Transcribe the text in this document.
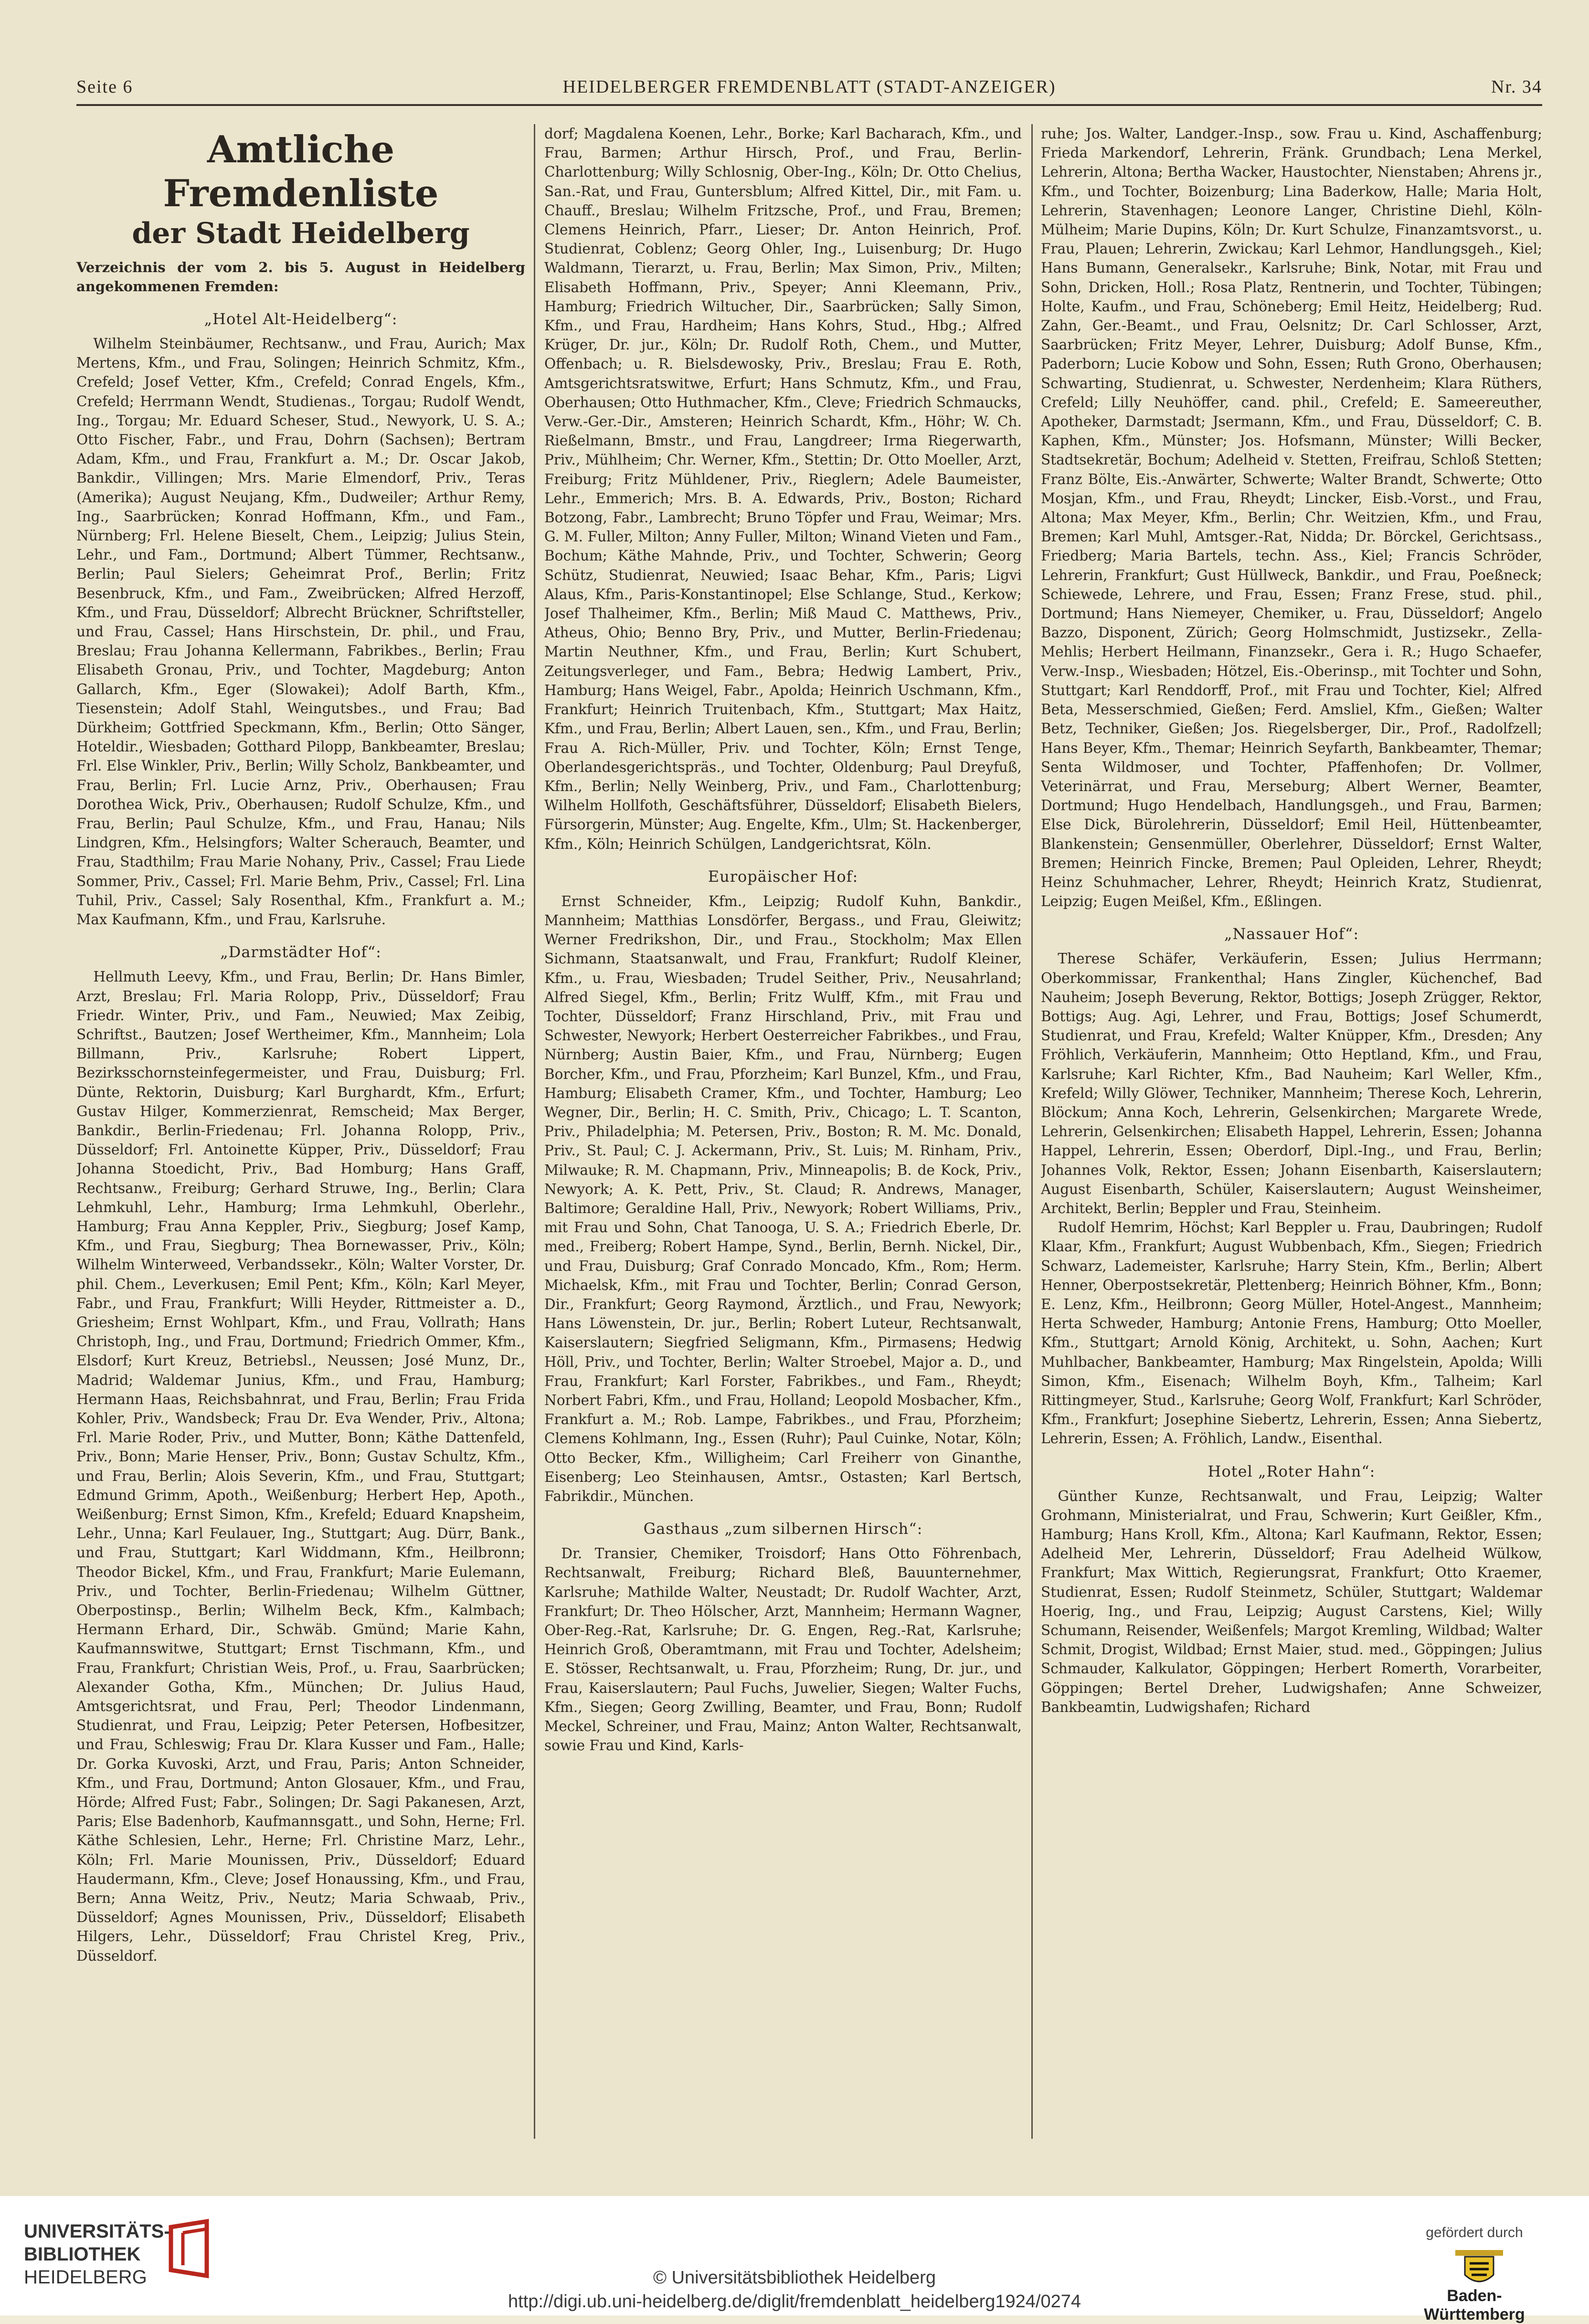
Seite 6	HEIDELBERGER FREMDENBLATT (STADT-ANZEIGER)	Nr. 34
Amtliche Fremdenliste
der Stadt Heidelberg
Verzeichnis der vom 2. bis 5. August in Heidelberg angekommenen Fremden:
„Hotel Alt-Heidelberg“:

Wilhelm Steinbäumer, Rechtsanw., und Frau, Aurich; Max Mertens, Kfm., und Frau, Solingen; Heinrich Schmitz, Kfm., Crefeld; Josef Vetter, Kfm., Crefeld; Conrad Engels, Kfm., Crefeld; Herrmann Wendt, Studienas., Torgau; Rudolf Wendt, Ing., Torgau; Mr. Eduard Scheser, Stud., Newyork, U. S. A.; Otto Fischer, Fabr., und Frau, Dohrn (Sachsen); Bertram Adam, Kfm., und Frau, Frankfurt a. M.; Dr. Oscar Jakob, Bankdir., Villingen; Mrs. Marie Elmendorf, Priv., Teras (Amerika); August Neujang, Kfm., Dudweiler; Arthur Remy, Ing., Saarbrücken; Konrad Hoffmann, Kfm., und Fam., Nürnberg; Frl. Helene Bieselt, Chem., Leipzig; Julius Stein, Lehr., und Fam., Dortmund; Albert Tümmer, Rechtsanw., Berlin; Paul Sielers; Geheimrat Prof., Berlin; Fritz Besenbruck, Kfm., und Fam., Zweibrücken; Alfred Herzoff, Kfm., und Frau, Düsseldorf; Albrecht Brückner, Schriftsteller, und Frau, Cassel; Hans Hirschstein, Dr. phil., und Frau, Breslau; Frau Johanna Kellermann, Fabrikbes., Berlin; Frau Elisabeth Gronau, Priv., und Tochter, Magdeburg; Anton Gallarch, Kfm., Eger (Slowakei); Adolf Barth, Kfm., Tiesenstein; Adolf Stahl, Weingutsbes., und Frau; Bad Dürkheim; Gottfried Speckmann, Kfm., Berlin; Otto Sänger, Hoteldir., Wiesbaden; Gotthard Pilopp, Bankbeamter, Breslau; Frl. Else Winkler, Priv., Berlin; Willy Scholz, Bankbeamter, und Frau, Berlin; Frl. Lucie Arnz, Priv., Oberhausen; Frau Dorothea Wick, Priv., Oberhausen; Rudolf Schulze, Kfm., und Frau, Berlin; Paul Schulze, Kfm., und Frau, Hanau; Nils Lindgren, Kfm., Helsingfors; Walter Scherauch, Beamter, und Frau, Stadthilm; Frau Marie Nohany, Priv., Cassel; Frau Liede Sommer, Priv., Cassel; Frl. Marie Behm, Priv., Cassel; Frl. Lina Tuhil, Priv., Cassel; Saly Rosenthal, Kfm., Frankfurt a. M.; Max Kaufmann, Kfm., und Frau, Karlsruhe.

„Darmstädter Hof“:

Hellmuth Leevy, Kfm., und Frau, Berlin; Dr. Hans Bimler, Arzt, Breslau; Frl. Maria Rolopp, Priv., Düsseldorf; Frau Friedr. Winter, Priv., und Fam., Neuwied; Max Zeibig, Schriftst., Bautzen; Josef Wertheimer, Kfm., Mannheim; Lola Billmann, Priv., Karlsruhe; Robert Lippert, Bezirksschornsteinfegermeister, und Frau, Duisburg; Frl. Dünte, Rektorin, Duisburg; Karl Burghardt, Kfm., Erfurt; Gustav Hilger, Kommerzienrat, Remscheid; Max Berger, Bankdir., Berlin-Friedenau; Frl. Johanna Rolopp, Priv., Düsseldorf; Frl. Antoinette Küpper, Priv., Düsseldorf; Frau Johanna Stoedicht, Priv., Bad Homburg; Hans Graff, Rechtsanw., Freiburg; Gerhard Struwe, Ing., Berlin; Clara Lehmkuhl, Lehr., Hamburg; Irma Lehmkuhl, Oberlehr., Hamburg; Frau Anna Keppler, Priv., Siegburg; Josef Kamp, Kfm., und Frau, Siegburg; Thea Bornewasser, Priv., Köln; Wilhelm Winterweed, Verbandssekr., Köln; Walter Vorster, Dr. phil. Chem., Leverkusen; Emil Pent; Kfm., Köln; Karl Meyer, Fabr., und Frau, Frankfurt; Willi Heyder, Rittmeister a. D., Griesheim; Ernst Wohlpart, Kfm., und Frau, Vollrath; Hans Christoph, Ing., und Frau, Dortmund; Friedrich Ommer, Kfm., Elsdorf; Kurt Kreuz, Betriebsl., Neussen; José Munz, Dr., Madrid; Waldemar Junius, Kfm., und Frau, Hamburg; Hermann Haas, Reichsbahnrat, und Frau, Berlin; Frau Frida Kohler, Priv., Wandsbeck; Frau Dr. Eva Wender, Priv., Altona; Frl. Marie Roder, Priv., und Mutter, Bonn; Käthe Dattenfeld, Priv., Bonn; Marie Henser, Priv., Bonn; Gustav Schultz, Kfm., und Frau, Berlin; Alois Severin, Kfm., und Frau, Stuttgart; Edmund Grimm, Apoth., Weißenburg; Herbert Hep, Apoth., Weißenburg; Ernst Simon, Kfm., Krefeld; Eduard Knapsheim, Lehr., Unna; Karl Feulauer, Ing., Stuttgart; Aug. Dürr, Bank., und Frau, Stuttgart; Karl Widdmann, Kfm., Heilbronn; Theodor Bickel, Kfm., und Frau, Frankfurt; Marie Eulemann, Priv., und Tochter, Berlin-Friedenau; Wilhelm Güttner, Oberpostinsp., Berlin; Wilhelm Beck, Kfm., Kalmbach; Hermann Erhard, Dir., Schwäb. Gmünd; Marie Kahn, Kaufmannswitwe, Stuttgart; Ernst Tischmann, Kfm., und Frau, Frankfurt; Christian Weis, Prof., u. Frau, Saarbrücken; Alexander Gotha, Kfm., München; Dr. Julius Haud, Amtsgerichtsrat, und Frau, Perl; Theodor Lindenmann, Studienrat, und Frau, Leipzig; Peter Petersen, Hofbesitzer, und Frau, Schleswig; Frau Dr. Klara Kusser und Fam., Halle; Dr. Gorka Kuvoski, Arzt, und Frau, Paris; Anton Schneider, Kfm., und Frau, Dortmund; Anton Glosauer, Kfm., und Frau, Hörde; Alfred Fust; Fabr., Solingen; Dr. Sagi Pakanesen, Arzt, Paris; Else Badenhorb, Kaufmannsgatt., und Sohn, Herne; Frl. Käthe Schlesien, Lehr., Herne; Frl. Christine Marz, Lehr., Köln; Frl. Marie Mounissen, Priv., Düsseldorf; Eduard Haudermann, Kfm., Cleve; Josef Honaussing, Kfm., und Frau, Bern; Anna Weitz, Priv., Neutz; Maria Schwaab, Priv., Düsseldorf; Agnes Mounissen, Priv., Düsseldorf; Elisabeth Hilgers, Lehr., Düsseldorf; Frau Christel Kreg, Priv., Düsseldorf.

dorf; Magdalena Koenen, Lehr., Borke; Karl Bacharach, Kfm., und Frau, Barmen; Arthur Hirsch, Prof., und Frau, Berlin-Charlottenburg; Willy Schlosnig, Ober-Ing., Köln; Dr. Otto Chelius, San.-Rat, und Frau, Guntersblum; Alfred Kittel, Dir., mit Fam. u. Chauff., Breslau; Wilhelm Fritzsche, Prof., und Frau, Bremen; Clemens Heinrich, Pfarr., Lieser; Dr. Anton Heinrich, Prof. Studienrat, Coblenz; Georg Ohler, Ing., Luisenburg; Dr. Hugo Waldmann, Tierarzt, u. Frau, Berlin; Max Simon, Priv., Milten; Elisabeth Hoffmann, Priv., Speyer; Anni Kleemann, Priv., Hamburg; Friedrich Wiltucher, Dir., Saarbrücken; Sally Simon, Kfm., und Frau, Hardheim; Hans Kohrs, Stud., Hbg.; Alfred Krüger, Dr. jur., Köln; Dr. Rudolf Roth, Chem., und Mutter, Offenbach; u. R. Bielsdewosky, Priv., Breslau; Frau E. Roth, Amtsgerichtsratswitwe, Erfurt; Hans Schmutz, Kfm., und Frau, Oberhausen; Otto Huthmacher, Kfm., Cleve; Friedrich Schmaucks, Verw.-Ger.-Dir., Amsteren; Heinrich Schardt, Kfm., Höhr; W. Ch. Rießelmann, Bmstr., und Frau, Langdreer; Irma Riegerwarth, Priv., Mühlheim; Chr. Werner, Kfm., Stettin; Dr. Otto Moeller, Arzt, Freiburg; Fritz Mühldener, Priv., Rieglern; Adele Baumeister, Lehr., Emmerich; Mrs. B. A. Edwards, Priv., Boston; Richard Botzong, Fabr., Lambrecht; Bruno Töpfer und Frau, Weimar; Mrs. G. M. Fuller, Milton; Anny Fuller, Milton; Winand Vieten und Fam., Bochum; Käthe Mahnde, Priv., und Tochter, Schwerin; Georg Schütz, Studienrat, Neuwied; Isaac Behar, Kfm., Paris; Ligvi Alaus, Kfm., Paris-Konstantinopel; Else Schlange, Stud., Kerkow; Josef Thalheimer, Kfm., Berlin; Miß Maud C. Matthews, Priv., Atheus, Ohio; Benno Bry, Priv., und Mutter, Berlin-Friedenau; Martin Neuthner, Kfm., und Frau, Berlin; Kurt Schubert, Zeitungsverleger, und Fam., Bebra; Hedwig Lambert, Priv., Hamburg; Hans Weigel, Fabr., Apolda; Heinrich Uschmann, Kfm., Frankfurt; Heinrich Truitenbach, Kfm., Stuttgart; Max Haitz, Kfm., und Frau, Berlin; Albert Lauen, sen., Kfm., und Frau, Berlin; Frau A. Rich-Müller, Priv. und Tochter, Köln; Ernst Tenge, Oberlandesgerichtspräs., und Tochter, Oldenburg; Paul Dreyfuß, Kfm., Berlin; Nelly Weinberg, Priv., und Fam., Charlottenburg; Wilhelm Hollfoth, Geschäftsführer, Düsseldorf; Elisabeth Bielers, Fürsorgerin, Münster; Aug. Engelte, Kfm., Ulm; St. Hackenberger, Kfm., Köln; Heinrich Schülgen, Landgerichtsrat, Köln.

Europäischer Hof:

Ernst Schneider, Kfm., Leipzig; Rudolf Kuhn, Bankdir., Mannheim; Matthias Lonsdörfer, Bergass., und Frau, Gleiwitz; Werner Fredrikshon, Dir., und Frau., Stockholm; Max Ellen Sichmann, Staatsanwalt, und Frau, Frankfurt; Rudolf Kleiner, Kfm., u. Frau, Wiesbaden; Trudel Seither, Priv., Neusahrland; Alfred Siegel, Kfm., Berlin; Fritz Wulff, Kfm., mit Frau und Tochter, Düsseldorf; Franz Hirschland, Priv., mit Frau und Schwester, Newyork; Herbert Oesterreicher Fabrikbes., und Frau, Nürnberg; Austin Baier, Kfm., und Frau, Nürnberg; Eugen Borcher, Kfm., und Frau, Pforzheim; Karl Bunzel, Kfm., und Frau, Hamburg; Elisabeth Cramer, Kfm., und Tochter, Hamburg; Leo Wegner, Dir., Berlin; H. C. Smith, Priv., Chicago; L. T. Scanton, Priv., Philadelphia; M. Petersen, Priv., Boston; R. M. Mc. Donald, Priv., St. Paul; C. J. Ackermann, Priv., St. Luis; M. Rinham, Priv., Milwauke; R. M. Chapmann, Priv., Minneapolis; B. de Kock, Priv., Newyork; A. K. Pett, Priv., St. Claud; R. Andrews, Manager, Baltimore; Geraldine Hall, Priv., Newyork; Robert Williams, Priv., mit Frau und Sohn, Chat Tanooga, U. S. A.; Friedrich Eberle, Dr. med., Freiberg; Robert Hampe, Synd., Berlin, Bernh. Nickel, Dir., und Frau, Duisburg; Graf Conrado Moncado, Kfm., Rom; Herm. Michaelsk, Kfm., mit Frau und Tochter, Berlin; Conrad Gerson, Dir., Frankfurt; Georg Raymond, Ärztlich., und Frau, Newyork; Hans Löwenstein, Dr. jur., Berlin; Robert Luteur, Rechtsanwalt, Kaiserslautern; Siegfried Seligmann, Kfm., Pirmasens; Hedwig Höll, Priv., und Tochter, Berlin; Walter Stroebel, Major a. D., und Frau, Frankfurt; Karl Forster, Fabrikbes., und Fam., Rheydt; Norbert Fabri, Kfm., und Frau, Holland; Leopold Mosbacher, Kfm., Frankfurt a. M.; Rob. Lampe, Fabrikbes., und Frau, Pforzheim; Clemens Kohlmann, Ing., Essen (Ruhr); Paul Cuinke, Notar, Köln; Otto Becker, Kfm., Willigheim; Carl Freiherr von Ginanthe, Eisenberg; Leo Steinhausen, Amtsr., Ostasten; Karl Bertsch, Fabrikdir., München.

Gasthaus „zum silbernen Hirsch“:

Dr. Transier, Chemiker, Troisdorf; Hans Otto Föhrenbach, Rechtsanwalt, Freiburg; Richard Bleß, Bauunternehmer, Karlsruhe; Mathilde Walter, Neustadt; Dr. Rudolf Wachter, Arzt, Frankfurt; Dr. Theo Hölscher, Arzt, Mannheim; Hermann Wagner, Ober-Reg.-Rat, Karlsruhe; Dr. G. Engen, Reg.-Rat, Karlsruhe; Heinrich Groß, Oberamtmann, mit Frau und Tochter, Adelsheim; E. Stösser, Rechtsanwalt, u. Frau, Pforzheim; Rung, Dr. jur., und Frau, Kaiserslautern; Paul Fuchs, Juwelier, Siegen; Walter Fuchs, Kfm., Siegen; Georg Zwilling, Beamter, und Frau, Bonn; Rudolf Meckel, Schreiner, und Frau, Mainz; Anton Walter, Rechtsanwalt, sowie Frau und Kind, Karls-

ruhe; Jos. Walter, Landger.-Insp., sow. Frau u. Kind, Aschaffenburg; Frieda Markendorf, Lehrerin, Fränk. Grundbach; Lena Merkel, Lehrerin, Altona; Bertha Wacker, Haustochter, Nienstaben; Ahrens jr., Kfm., und Tochter, Boizenburg; Lina Baderkow, Halle; Maria Holt, Lehrerin, Stavenhagen; Leonore Langer, Christine Diehl, Köln-Mülheim; Marie Dupins, Köln; Dr. Kurt Schulze, Finanzamtsvorst., u. Frau, Plauen; Lehrerin, Zwickau; Karl Lehmor, Handlungsgeh., Kiel; Hans Bumann, Generalsekr., Karlsruhe; Bink, Notar, mit Frau und Sohn, Dricken, Holl.; Rosa Platz, Rentnerin, und Tochter, Tübingen; Holte, Kaufm., und Frau, Schöneberg; Emil Heitz, Heidelberg; Rud. Zahn, Ger.-Beamt., und Frau, Oelsnitz; Dr. Carl Schlosser, Arzt, Saarbrücken; Fritz Meyer, Lehrer, Duisburg; Adolf Bunse, Kfm., Paderborn; Lucie Kobow und Sohn, Essen; Ruth Grono, Oberhausen; Schwarting, Studienrat, u. Schwester, Nerdenheim; Klara Rüthers, Crefeld; Lilly Neuhöffer, cand. phil., Crefeld; E. Sameereuther, Apotheker, Darmstadt; Jsermann, Kfm., und Frau, Düsseldorf; C. B. Kaphen, Kfm., Münster; Jos. Hofsmann, Münster; Willi Becker, Stadtsekretär, Bochum; Adelheid v. Stetten, Freifrau, Schloß Stetten; Franz Bölte, Eis.-Anwärter, Schwerte; Walter Brandt, Schwerte; Otto Mosjan, Kfm., und Frau, Rheydt; Lincker, Eisb.-Vorst., und Frau, Altona; Max Meyer, Kfm., Berlin; Chr. Weitzien, Kfm., und Frau, Bremen; Karl Muhl, Amtsger.-Rat, Nidda; Dr. Börckel, Gerichtsass., Friedberg; Maria Bartels, techn. Ass., Kiel; Francis Schröder, Lehrerin, Frankfurt; Gust Hüllweck, Bankdir., und Frau, Poeßneck; Schiewede, Lehrere, und Frau, Essen; Franz Frese, stud. phil., Dortmund; Hans Niemeyer, Chemiker, u. Frau, Düsseldorf; Angelo Bazzo, Disponent, Zürich; Georg Holmschmidt, Justizsekr., Zella-Mehlis; Herbert Heilmann, Finanzsekr., Gera i. R.; Hugo Schaefer, Verw.-Insp., Wiesbaden; Hötzel, Eis.-Oberinsp., mit Tochter und Sohn, Stuttgart; Karl Renddorff, Prof., mit Frau und Tochter, Kiel; Alfred Beta, Messerschmied, Gießen; Ferd. Amsliel, Kfm., Gießen; Walter Betz, Techniker, Gießen; Jos. Riegelsberger, Dir., Prof., Radolfzell; Hans Beyer, Kfm., Themar; Heinrich Seyfarth, Bankbeamter, Themar; Senta Wildmoser, und Tochter, Pfaffenhofen; Dr. Vollmer, Veterinärrat, und Frau, Merseburg; Albert Werner, Beamter, Dortmund; Hugo Hendelbach, Handlungsgeh., und Frau, Barmen; Else Dick, Bürolehrerin, Düsseldorf; Emil Heil, Hüttenbeamter, Blankenstein; Gensenmüller, Oberlehrer, Düsseldorf; Ernst Walter, Bremen; Heinrich Fincke, Bremen; Paul Opleiden, Lehrer, Rheydt; Heinz Schuhmacher, Lehrer, Rheydt; Heinrich Kratz, Studienrat, Leipzig; Eugen Meißel, Kfm., Eßlingen.

„Nassauer Hof“:

Therese Schäfer, Verkäuferin, Essen; Julius Herrmann; Oberkommissar, Frankenthal; Hans Zingler, Küchenchef, Bad Nauheim; Joseph Beverung, Rektor, Bottigs; Joseph Zrügger, Rektor, Bottigs; Aug. Agi, Lehrer, und Frau, Bottigs; Josef Schumerdt, Studienrat, und Frau, Krefeld; Walter Knüpper, Kfm., Dresden; Any Fröhlich, Verkäuferin, Mannheim; Otto Heptland, Kfm., und Frau, Karlsruhe; Karl Richter, Kfm., Bad Nauheim; Karl Weller, Kfm., Krefeld; Willy Glöwer, Techniker, Mannheim; Therese Koch, Lehrerin, Blöckum; Anna Koch, Lehrerin, Gelsenkirchen; Margarete Wrede, Lehrerin, Gelsenkirchen; Elisabeth Happel, Lehrerin, Essen; Johanna Happel, Lehrerin, Essen; Oberdorf, Dipl.-Ing., und Frau, Berlin; Johannes Volk, Rektor, Essen; Johann Eisenbarth, Kaiserslautern; August Eisenbarth, Schüler, Kaiserslautern; August Weinsheimer, Architekt, Berlin; Beppler und Frau, Steinheim.

Rudolf Hemrim, Höchst; Karl Beppler u. Frau, Daubringen; Rudolf Klaar, Kfm., Frankfurt; August Wubbenbach, Kfm., Siegen; Friedrich Schwarz, Lademeister, Karlsruhe; Harry Stein, Kfm., Berlin; Albert Henner, Oberpostsekretär, Plettenberg; Heinrich Böhner, Kfm., Bonn; E. Lenz, Kfm., Heilbronn; Georg Müller, Hotel-Angest., Mannheim; Herta Schweder, Hamburg; Antonie Frens, Hamburg; Otto Moeller, Kfm., Stuttgart; Arnold König, Architekt, u. Sohn, Aachen; Kurt Muhlbacher, Bankbeamter, Hamburg; Max Ringelstein, Apolda; Willi Simon, Kfm., Eisenach; Wilhelm Boyh, Kfm., Talheim; Karl Rittingmeyer, Stud., Karlsruhe; Georg Wolf, Frankfurt; Karl Schröder, Kfm., Frankfurt; Josephine Siebertz, Lehrerin, Essen; Anna Siebertz, Lehrerin, Essen; A. Fröhlich, Landw., Eisenthal.

Hotel „Roter Hahn“:

Günther Kunze, Rechtsanwalt, und Frau, Leipzig; Walter Grohmann, Ministerialrat, und Frau, Schwerin; Kurt Geißler, Kfm., Hamburg; Hans Kroll, Kfm., Altona; Karl Kaufmann, Rektor, Essen; Adelheid Mer, Lehrerin, Düsseldorf; Frau Adelheid Wülkow, Frankfurt; Max Wittich, Regierungsrat, Frankfurt; Otto Kraemer, Studienrat, Essen; Rudolf Steinmetz, Schüler, Stuttgart; Waldemar Hoerig, Ing., und Frau, Leipzig; August Carstens, Kiel; Willy Schumann, Reisender, Weißenfels; Margot Kremling, Wildbad; Walter Schmit, Drogist, Wildbad; Ernst Maier, stud. med., Göppingen; Julius Schmauder, Kalkulator, Göppingen; Herbert Romerth, Vorarbeiter, Göppingen; Bertel Dreher, Ludwigshafen; Anne Schweizer, Bankbeamtin, Ludwigshafen; Richard

UNIVERSITÄTS-
BIBLIOTHEK
HEIDELBERG	© Universitätsbibliothek Heidelberg
http://digi.ub.uni-heidelberg.de/diglit/fremdenblatt_heidelberg1924/0274
gefördert durch
Baden-Württemberg
